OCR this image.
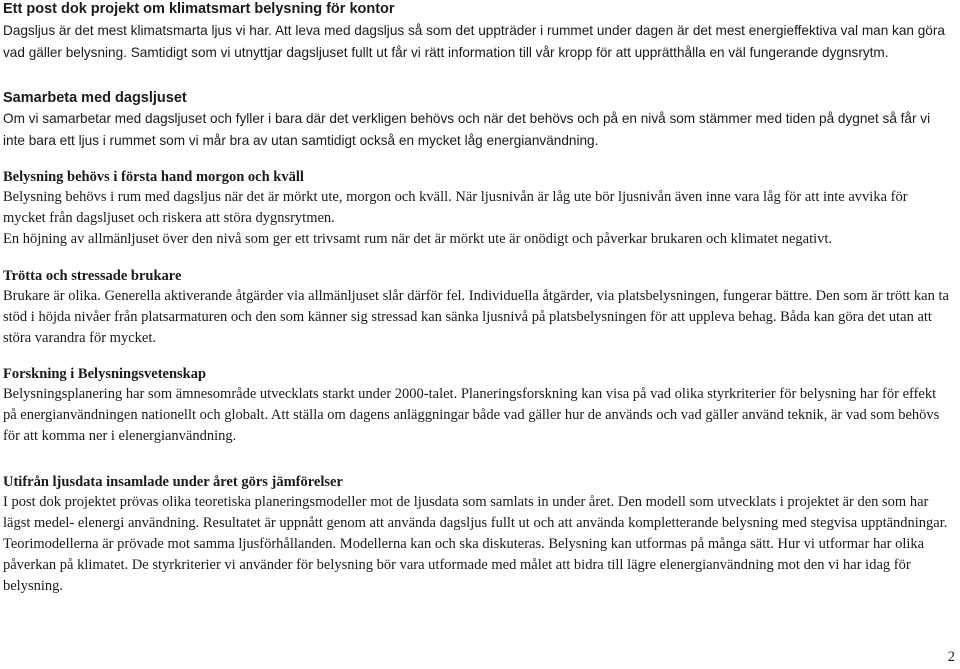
Ett post dok projekt om klimatsmart belysning för kontor

Dagsljus är det mest klimatsmarta ljus vi har. Att leva med dagsljus så som det uppträder i rummet under dagen är det mest energieffektiva val man kan göra vad gäller belysning. Samtidigt som vi utnyttjar dagsljuset fullt ut får vi rätt information till vår kropp för att upprätthålla en väl fungerande dygnsrytm.

Samarbeta med dagsljuset

Om vi samarbetar med dagsljuset och fyller i bara där det verkligen behövs och när det behövs och på en nivå som stämmer med tiden på dygnet så får vi inte bara ett ljus i rummet som vi mår bra av utan samtidigt också en mycket låg energianvändning.

Belysning behövs i första hand morgon och kväll

Belysning behövs i rum med dagsljus när det är mörkt ute, morgon och kväll. När ljusnivån är låg ute bör ljusnivån även inne vara låg för att inte avvika för mycket från dagsljuset och riskera att störa dygnsrytmen.

En höjning av allmänljuset över den nivå som ger ett trivsamt rum när det är mörkt ute är onödigt och påverkar brukaren och klimatet negativt.

Trötta och stressade brukare

Brukare är olika. Generella aktiverande åtgärder via allmänljuset slår därför fel. Individuella åtgärder, via platsbelysningen, fungerar bättre. Den som är trött kan ta stöd i höjda nivåer från platsarmaturen och den som känner sig stressad kan sänka ljusnivå på platsbelysningen för att uppleva behag. Båda kan göra det utan att störa varandra för mycket.

Forskning i Belysningsvetenskap

Belysningsplanering har som ämnesområde utvecklats starkt under 2000-talet. Planeringsforskning kan visa på vad olika styrkriterier för belysning har för effekt på energianvändningen nationellt och globalt. Att ställa om dagens anläggningar både vad gäller hur de används och vad gäller använd teknik, är vad som behövs för att komma ner i elenergianvändning.

Utifrån ljusdata insamlade under året görs jämförelser

I post dok projektet prövas olika teoretiska planeringsmodeller mot de ljusdata som samlats in under året. Den modell som utvecklats i projektet är den som har lägst medel- elenergi användning. Resultatet är uppnått genom att använda dagsljus fullt ut och att använda kompletterande belysning med stegvisa upptändningar. Teorimodellerna är prövade mot samma ljusförhållanden. Modellerna kan och ska diskuteras. Belysning kan utformas på många sätt. Hur vi utformar har olika påverkan på klimatet. De styrkriterier vi använder för belysning bör vara utformade med målet att bidra till lägre elenergianvändning mot den vi har idag för belysning.

2
